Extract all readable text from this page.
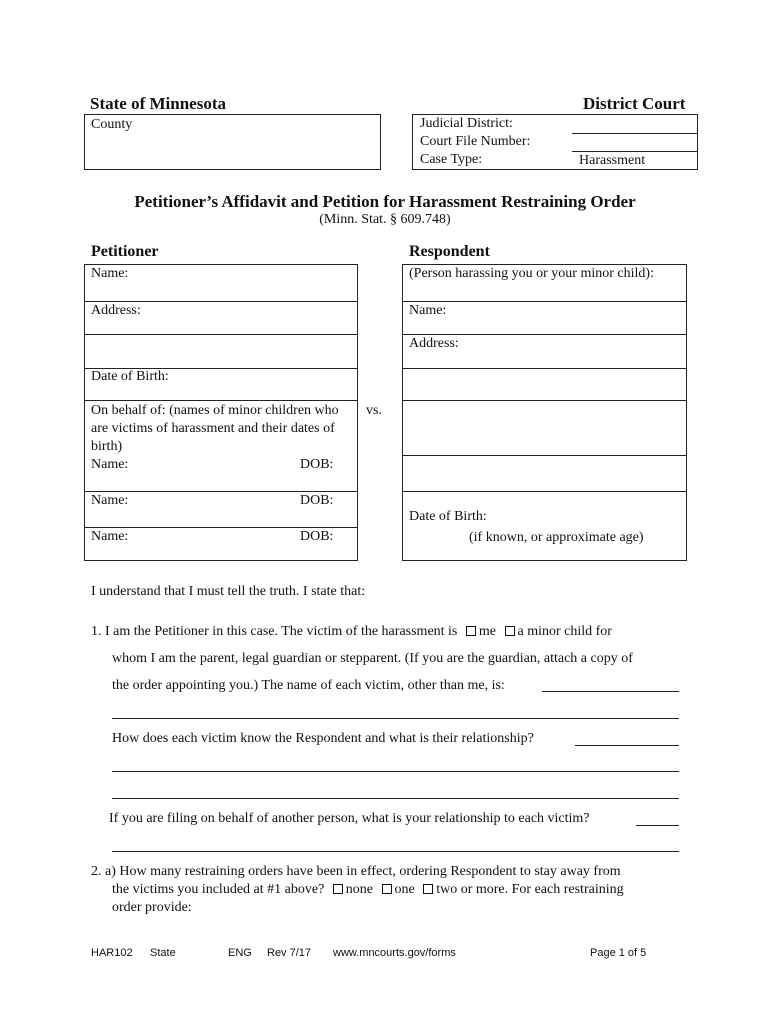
State of Minnesota	District Court
County	Judicial District:
Court File Number:
Case Type:	Harassment
Petitioner’s Affidavit and Petition for Harassment Restraining Order
(Minn. Stat. § 609.748)
Petitioner	Respondent
Name:
Address:
Date of Birth:
On behalf of: (names of minor children who are victims of harassment and their dates of birth)
Name:	DOB:
Name:	DOB:
Name:	DOB:
vs.
(Person harassing you or your minor child):
Name:
Address:
Date of Birth:
(if known, or approximate age)
I understand that I must tell the truth. I state that:
1. I am the Petitioner in this case. The victim of the harassment is me a minor child for
whom I am the parent, legal guardian or stepparent. (If you are the guardian, attach a copy of
the order appointing you.) The name of each victim, other than me, is:
How does each victim know the Respondent and what is their relationship?
If you are filing on behalf of another person, what is your relationship to each victim?
2. a) How many restraining orders have been in effect, ordering Respondent to stay away from
the victims you included at #1 above? none one two or more. For each restraining
order provide:
HAR102 State	ENG Rev 7/17 www.mncourts.gov/forms	Page 1 of 5
